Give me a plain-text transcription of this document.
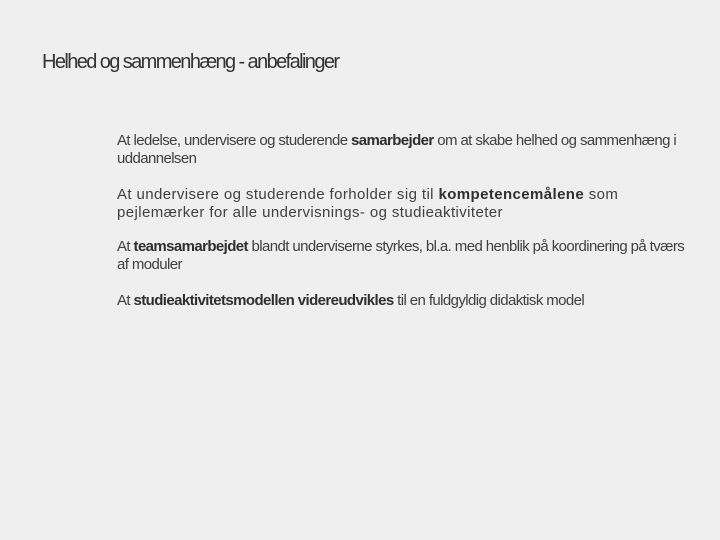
Helhed og sammenhæng - anbefalinger

At ledelse, undervisere og studerende samarbejder om at skabe helhed og sammenhæng i uddannelsen

At undervisere og studerende forholder sig til kompetencemålene som pejlemærker for alle undervisnings- og studieaktiviteter

At teamsamarbejdet blandt underviserne styrkes, bl.a. med henblik på koordinering på tværs af moduler

At studieaktivitetsmodellen videreudvikles til en fuldgyldig didaktisk model
